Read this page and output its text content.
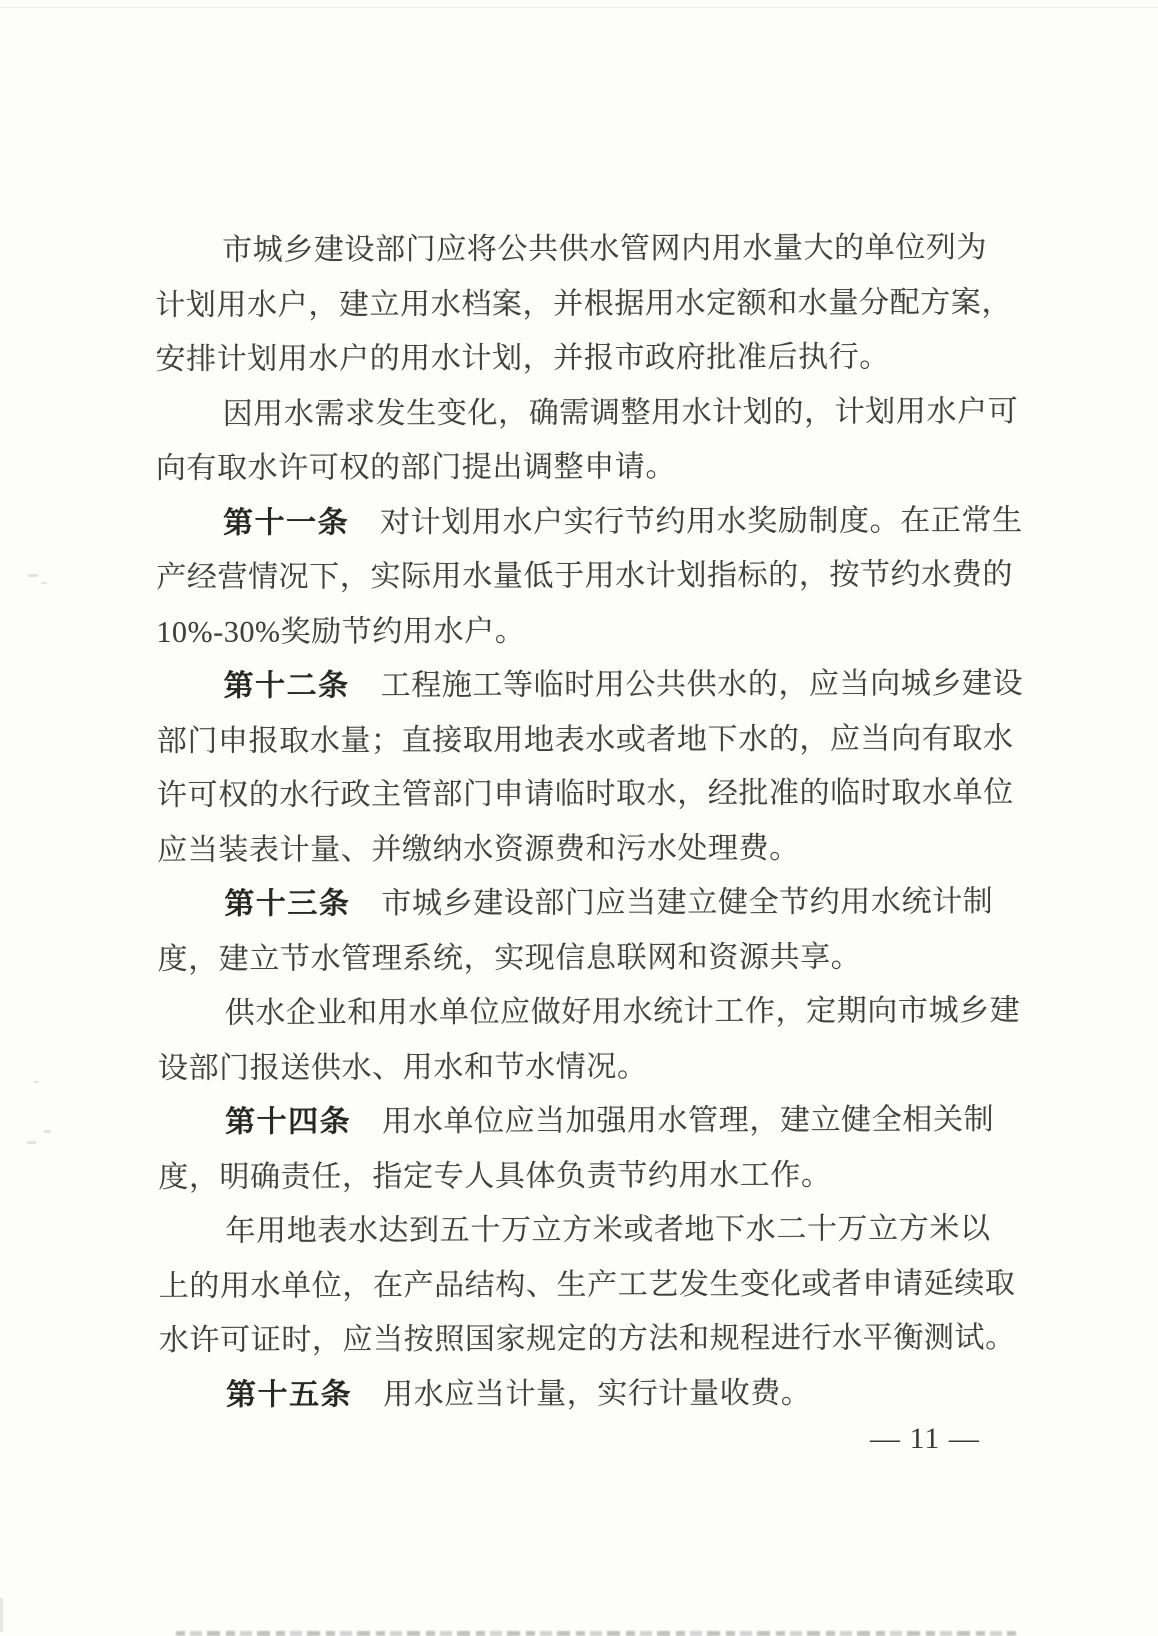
市城乡建设部门应将公共供水管网内用水量大的单位列为
计划用水户，建立用水档案，并根据用水定额和水量分配方案，
安排计划用水户的用水计划，并报市政府批准后执行。
因用水需求发生变化，确需调整用水计划的，计划用水户可
向有取水许可权的部门提出调整申请。
第十一条 对计划用水户实行节约用水奖励制度。在正常生
产经营情况下，实际用水量低于用水计划指标的，按节约水费的
10%-30%奖励节约用水户。
第十二条 工程施工等临时用公共供水的，应当向城乡建设
部门申报取水量；直接取用地表水或者地下水的，应当向有取水
许可权的水行政主管部门申请临时取水，经批准的临时取水单位
应当装表计量、并缴纳水资源费和污水处理费。
第十三条 市城乡建设部门应当建立健全节约用水统计制
度，建立节水管理系统，实现信息联网和资源共享。
供水企业和用水单位应做好用水统计工作，定期向市城乡建
设部门报送供水、用水和节水情况。
第十四条 用水单位应当加强用水管理，建立健全相关制
度，明确责任，指定专人具体负责节约用水工作。
年用地表水达到五十万立方米或者地下水二十万立方米以
上的用水单位，在产品结构、生产工艺发生变化或者申请延续取
水许可证时，应当按照国家规定的方法和规程进行水平衡测试。
第十五条 用水应当计量，实行计量收费。
— 11 —
